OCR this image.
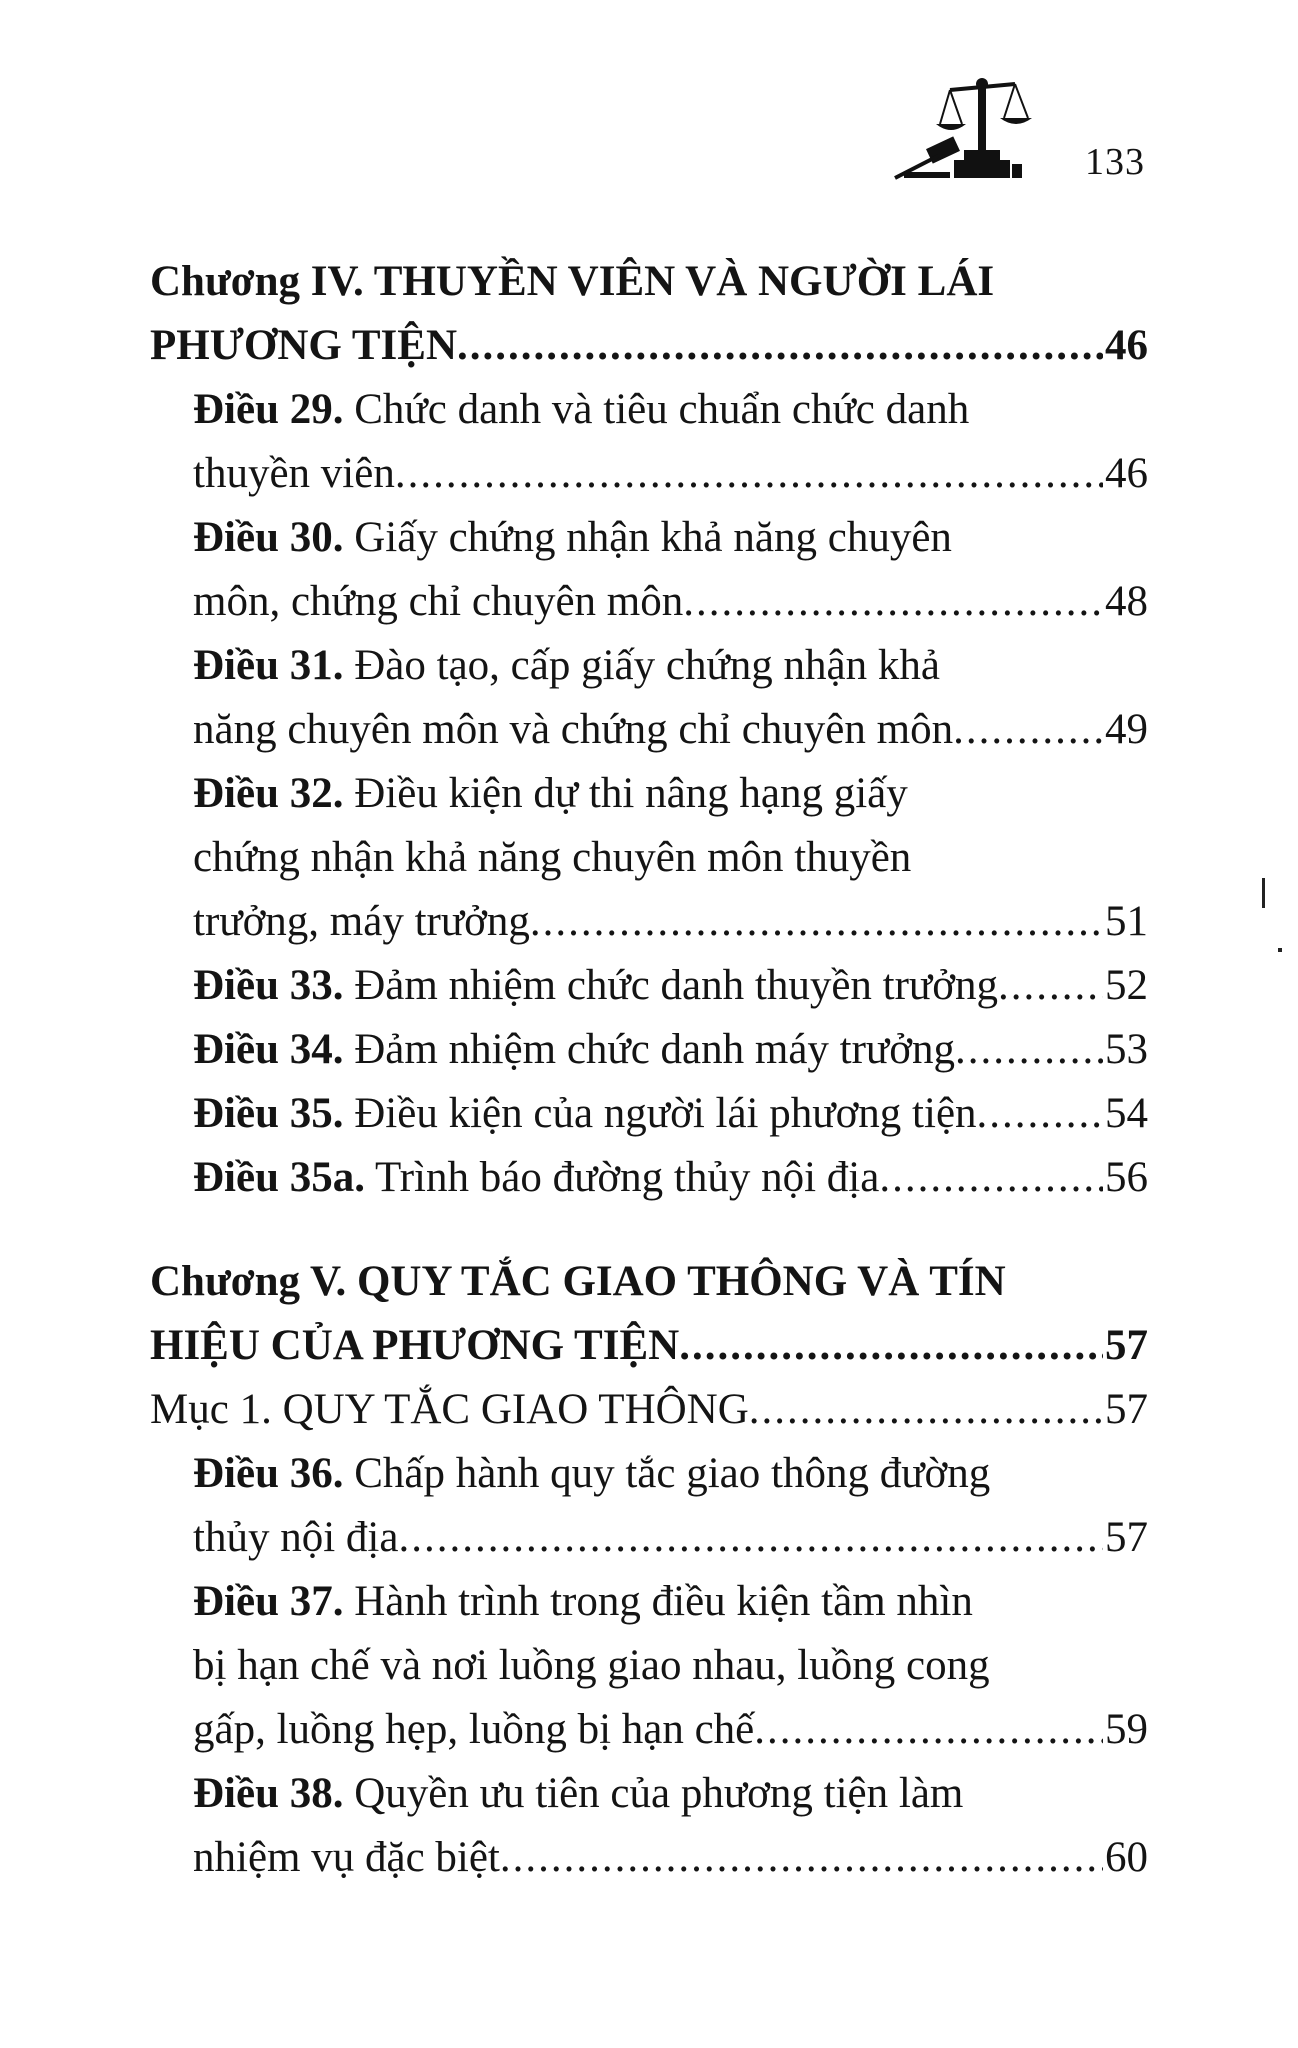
133
Chương IV. THUYỀN VIÊN VÀ NGƯỜI LÁI
PHƯƠNG TIỆN .....	46
Điều 29. Chức danh và tiêu chuẩn chức danh
thuyền viên .....	46
Điều 30. Giấy chứng nhận khả năng chuyên
môn, chứng chỉ chuyên môn .....	48
Điều 31. Đào tạo, cấp giấy chứng nhận khả
năng chuyên môn và chứng chỉ chuyên môn .....	49
Điều 32. Điều kiện dự thi nâng hạng giấy
chứng nhận khả năng chuyên môn thuyền
trưởng, máy trưởng .....	51
Điều 33. Đảm nhiệm chức danh thuyền trưởng ..... 52
Điều 34. Đảm nhiệm chức danh máy trưởng .....	53
Điều 35. Điều kiện của người lái phương tiện .....	54
Điều 35a. Trình báo đường thủy nội địa .....	56
Chương V. QUY TẮC GIAO THÔNG VÀ TÍN
HIỆU CỦA PHƯƠNG TIỆN .....	57
Mục 1. QUY TẮC GIAO THÔNG .....	57
Điều 36. Chấp hành quy tắc giao thông đường
thủy nội địa .....	57
Điều 37. Hành trình trong điều kiện tầm nhìn
bị hạn chế và nơi luồng giao nhau, luồng cong
gấp, luồng hẹp, luồng bị hạn chế .....	59
Điều 38. Quyền ưu tiên của phương tiện làm
nhiệm vụ đặc biệt .....	60
